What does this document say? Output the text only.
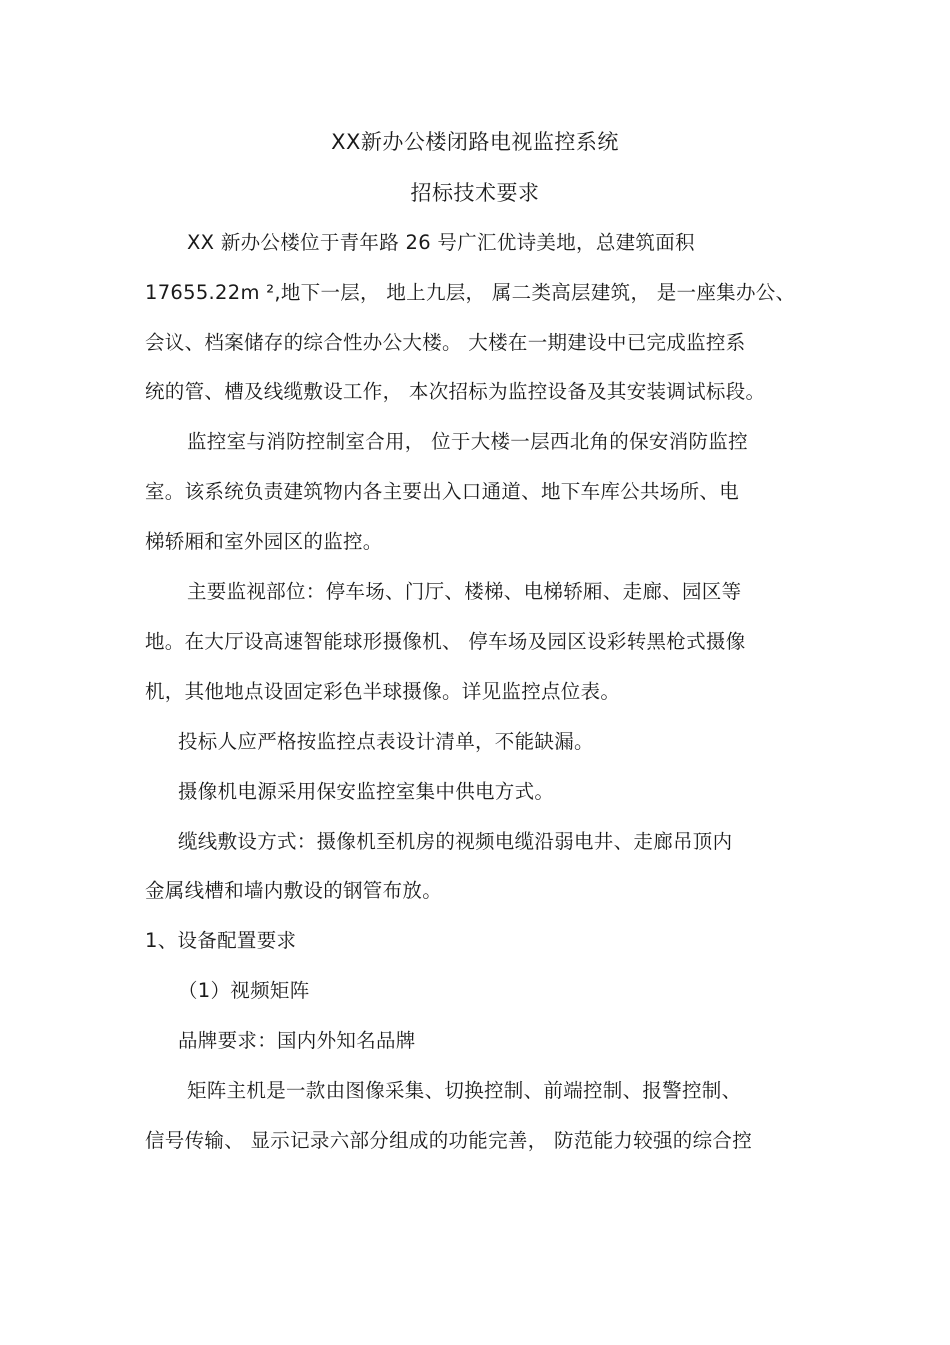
XX新办公楼闭路电视监控系统
招标技术要求
XX 新办公楼位于青年路 26 号广汇优诗美地，总建筑面积
17655.22m ²,地下一层， 地上九层， 属二类高层建筑， 是一座集办公、
会议、档案储存的综合性办公大楼。 大楼在一期建设中已完成监控系
统的管、槽及线缆敷设工作， 本次招标为监控设备及其安装调试标段。
监控室与消防控制室合用， 位于大楼一层西北角的保安消防监控
室。该系统负责建筑物内各主要出入口通道、地下车库公共场所、电
梯轿厢和室外园区的监控。
主要监视部位：停车场、门厅、楼梯、电梯轿厢、走廊、园区等
地。在大厅设高速智能球形摄像机、 停车场及园区设彩转黑枪式摄像
机，其他地点设固定彩色半球摄像。详见监控点位表。
投标人应严格按监控点表设计清单，不能缺漏。
摄像机电源采用保安监控室集中供电方式。
缆线敷设方式：摄像机至机房的视频电缆沿弱电井、走廊吊顶内
金属线槽和墙内敷设的钢管布放。
1、设备配置要求
（1）视频矩阵
品牌要求：国内外知名品牌
矩阵主机是一款由图像采集、切换控制、前端控制、报警控制、
信号传输、 显示记录六部分组成的功能完善， 防范能力较强的综合控
